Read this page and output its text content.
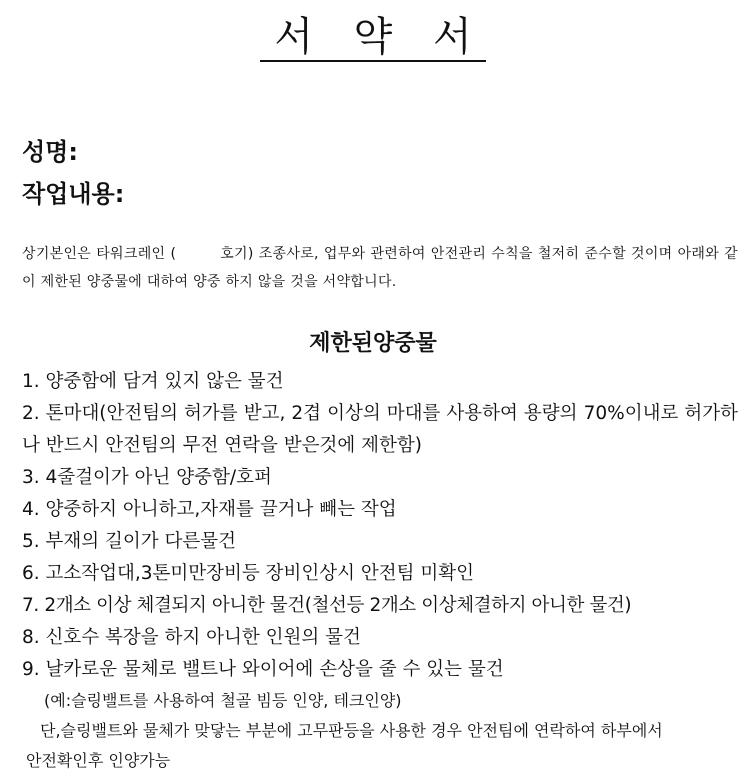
서 약 서
성명:
작업내용:
상기본인은 타워크레인 (	호기) 조종사로, 업무와 관련하여 안전관리 수칙을 철저히 준수할 것이며 아래와 같이 제한된 양중물에 대하여 양중 하지 않을 것을 서약합니다.
제한된양중물
1. 양중함에 담겨 있지 않은 물건
2. 톤마대(안전팀의 허가를 받고, 2겹 이상의 마대를 사용하여 용량의 70%이내로 허가하나 반드시 안전팀의 무전 연락을 받은것에 제한함)
3. 4줄걸이가 아닌 양중함/호퍼
4. 양중하지 아니하고,자재를 끌거나 빼는 작업
5. 부재의 길이가 다른물건
6. 고소작업대,3톤미만장비등 장비인상시 안전팀 미확인
7. 2개소 이상 체결되지 아니한 물건(철선등 2개소 이상체결하지 아니한 물건)
8. 신호수 복장을 하지 아니한 인원의 물건
9. 날카로운 물체로 밸트나 와이어에 손상을 줄 수 있는 물건
(예:슬링밸트를 사용하여 철골 빔등 인양, 테크인양)
단,슬링밸트와 물체가 맞닿는 부분에 고무판등을 사용한 경우 안전팀에 연락하여 하부에서
안전확인후 인양가능
